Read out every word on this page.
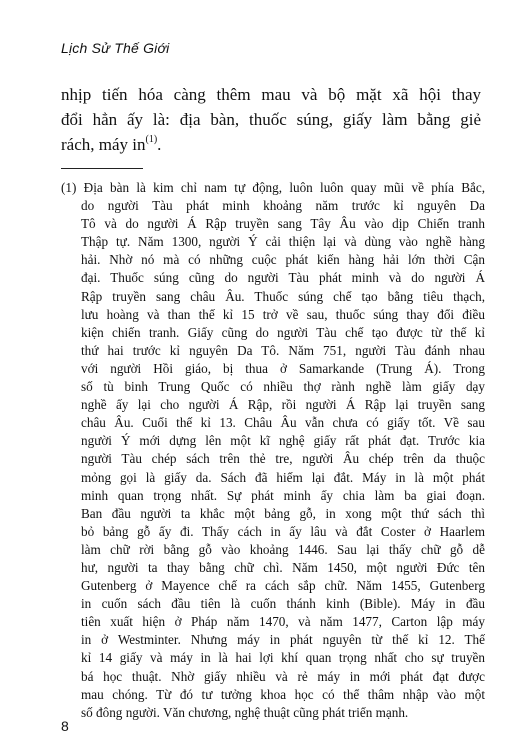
Lịch Sử Thế Giới
nhịp tiến hóa càng thêm mau và bộ mặt xã hội thay
đổi hẳn ấy là: địa bàn, thuốc súng, giấy làm bằng giẻ
rách, máy $in^{(1)}$.
(1) Địa bàn là kim chỉ nam tự động, luôn luôn quay mũi về phía Bắc,
do người Tàu phát minh khoảng năm trước kỉ nguyên Da
Tô và do người Á Rập truyền sang Tây Âu vào dịp Chiến tranh
Thập tự. Năm 1300, người Ý cải thiện lại và dùng vào nghề hàng
hải. Nhờ nó mà có những cuộc phát kiến hàng hải lớn thời Cận
đại. Thuốc súng cũng do người Tàu phát minh và do người Á
Rập truyền sang châu Âu. Thuốc súng chế tạo bằng tiêu thạch,
lưu hoàng và than thế kỉ 15 trở về sau, thuốc súng thay đổi điều
kiện chiến tranh. Giấy cũng do người Tàu chế tạo được từ thế kỉ
thứ hai trước kỉ nguyên Da Tô. Năm 751, người Tàu đánh nhau
với người Hồi giáo, bị thua ở Samarkande (Trung Á). Trong
số tù binh Trung Quốc có nhiều thợ rành nghề làm giấy dạy
nghề ấy lại cho người Á Rập, rồi người Á Rập lại truyền sang
châu Âu. Cuối thế kỉ 13. Châu Âu vẫn chưa có giấy tốt. Về sau
người Ý mới dựng lên một kĩ nghệ giấy rất phát đạt. Trước kia
người Tàu chép sách trên thẻ tre, người Âu chép trên da thuộc
mỏng gọi là giấy da. Sách đã hiếm lại đắt. Máy in là một phát
minh quan trọng nhất. Sự phát minh ấy chia làm ba giai đoạn.
Ban đầu người ta khắc một bảng gỗ, in xong một thứ sách thì
bỏ bảng gỗ ấy đi. Thấy cách in ấy lâu và đắt Coster ở Haarlem
làm chữ rời bằng gỗ vào khoảng 1446. Sau lại thấy chữ gỗ dễ
hư, người ta thay bằng chữ chì. Năm 1450, một người Đức tên
Gutenberg ở Mayence chế ra cách sắp chữ. Năm 1455, Gutenberg
in cuốn sách đầu tiên là cuốn thánh kinh (Bible). Máy in đầu
tiên xuất hiện ở Pháp năm 1470, và năm 1477, Carton lập máy
in ở Westminter. Nhưng máy in phát nguyên từ thế kỉ 12. Thế
kỉ 14 giấy và máy in là hai lợi khí quan trọng nhất cho sự truyền
bá học thuật. Nhờ giấy nhiều và rẻ máy in mới phát đạt được
mau chóng. Từ đó tư tưởng khoa học có thể thâm nhập vào một
số đông người. Văn chương, nghệ thuật cũng phát triển mạnh.
8
